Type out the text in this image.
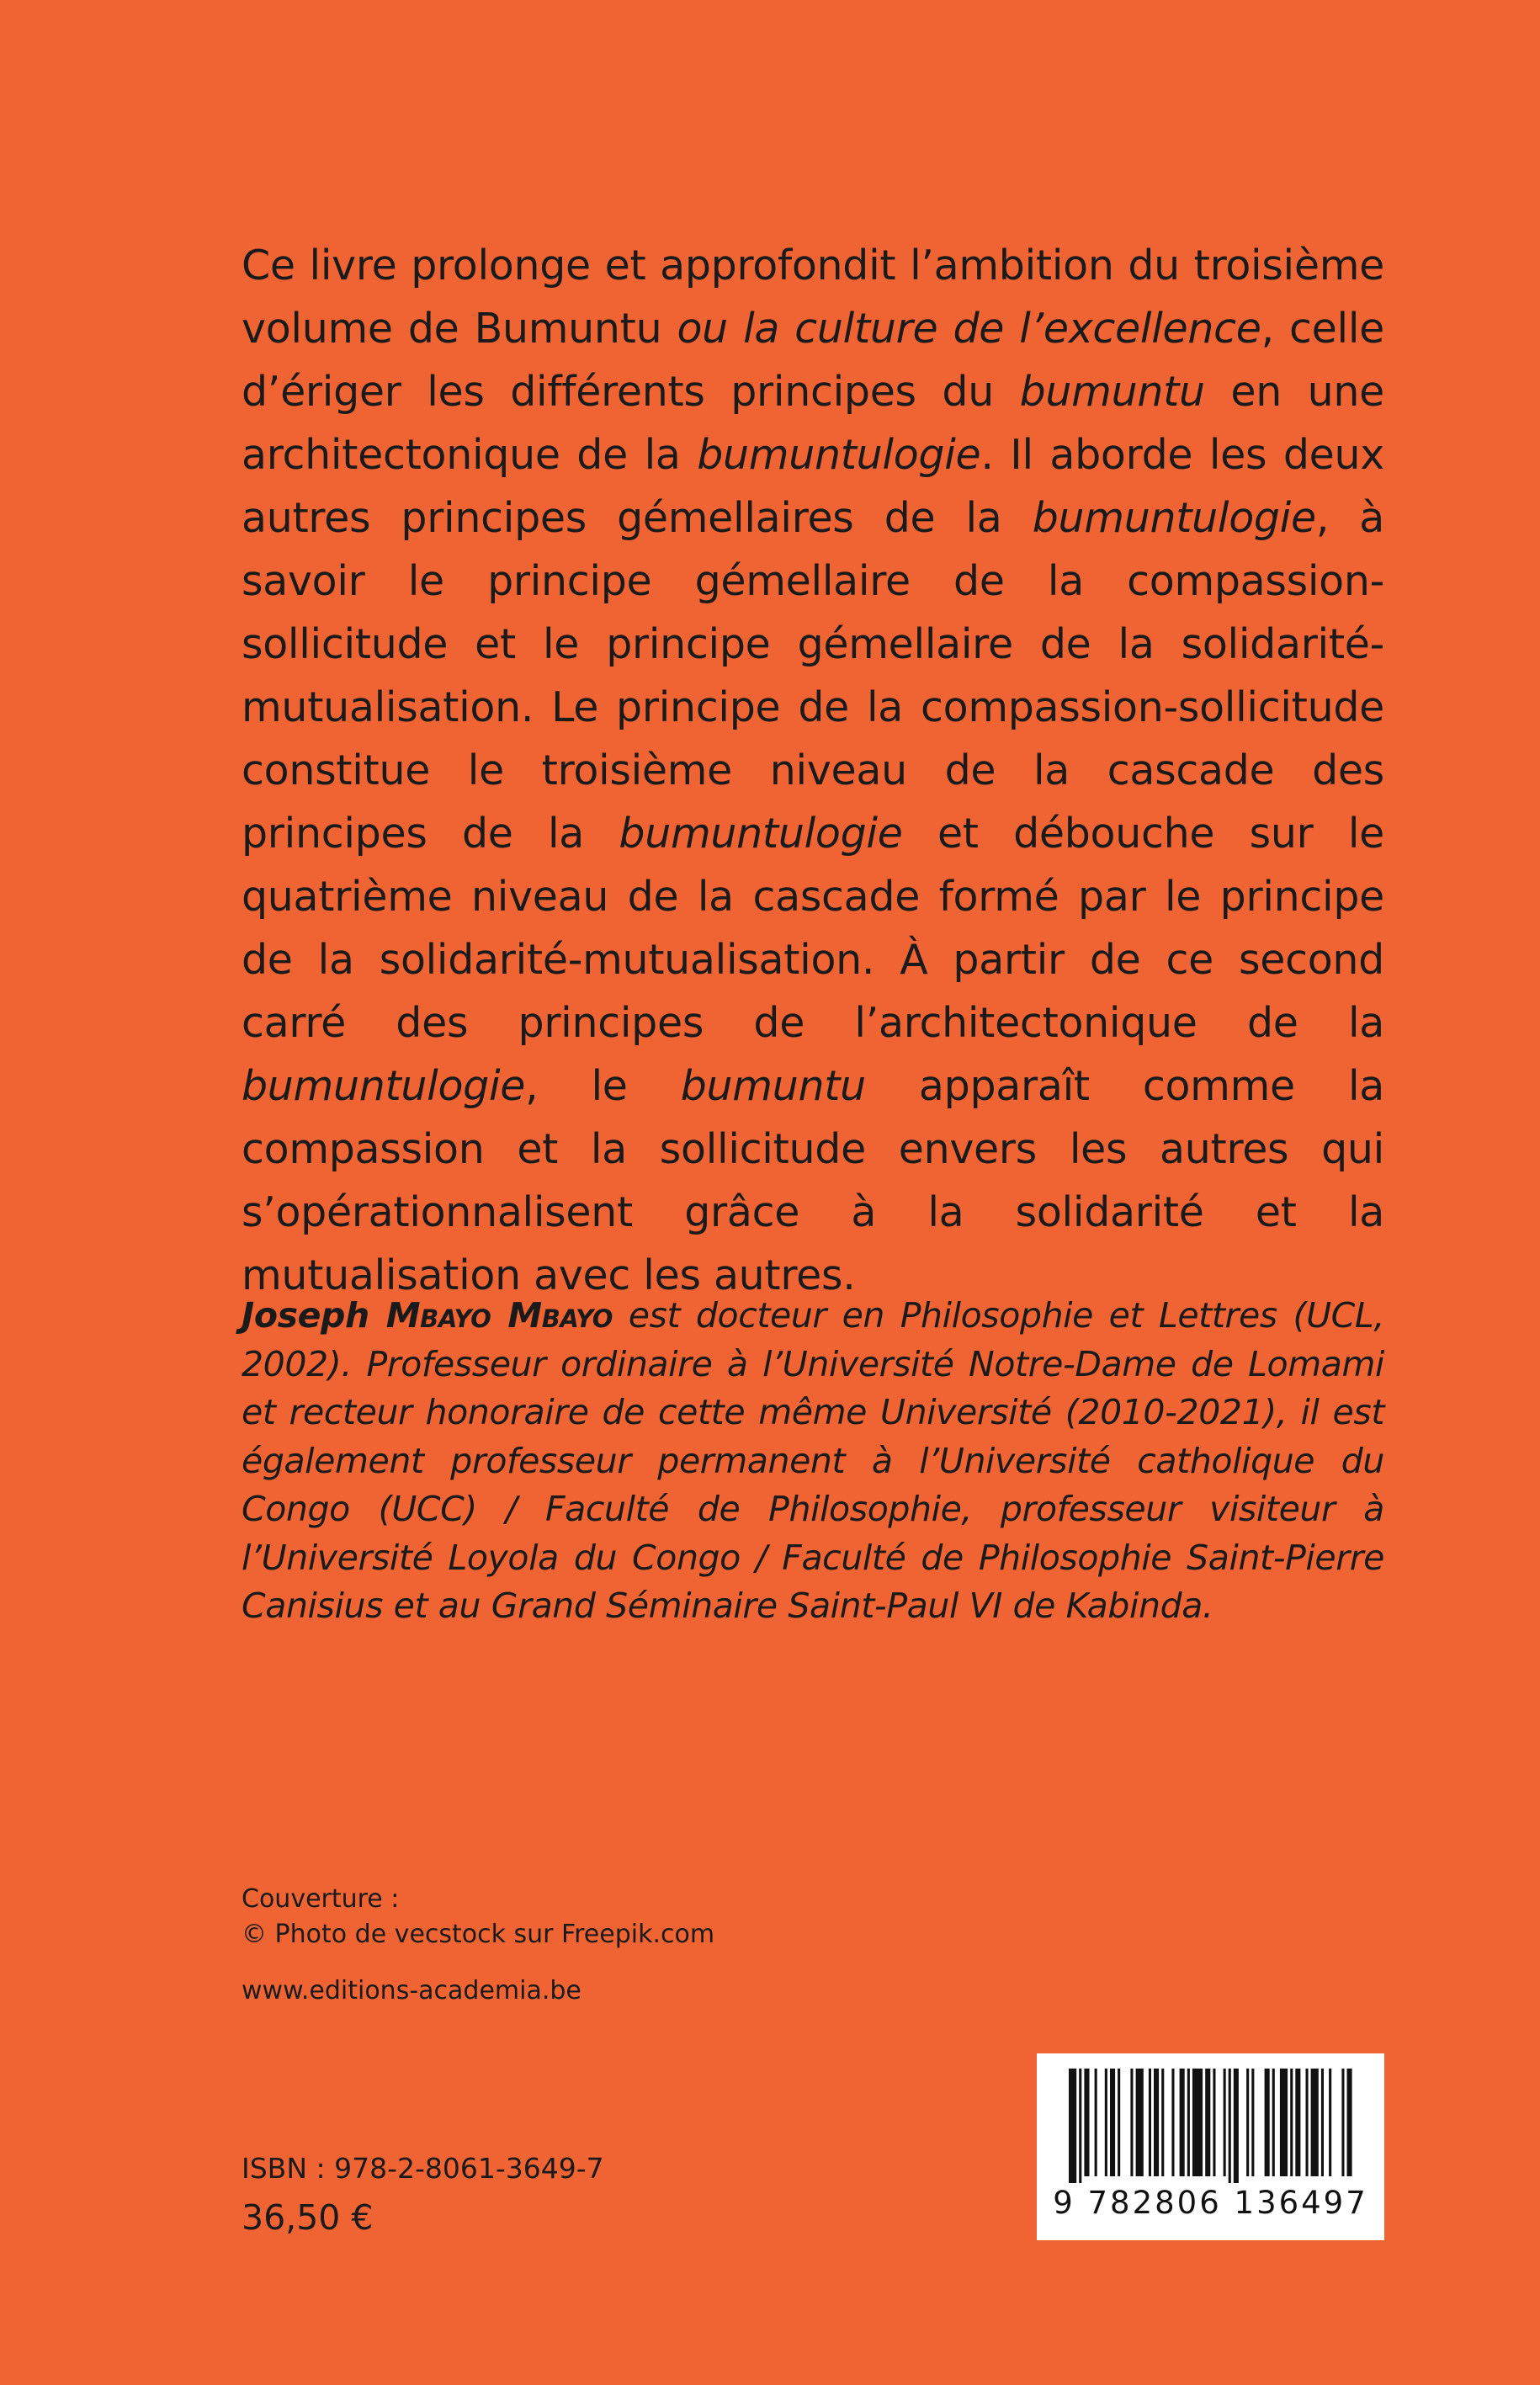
Ce livre prolonge et approfondit l’ambition du troisième volume de Bumuntu ou la culture de l’excellence, celle d’ériger les différents principes du bumuntu en une architectonique de la bumuntulogie. Il aborde les deux autres principes gémellaires de la bumuntulogie, à savoir le principe gémellaire de la compassion-sollicitude et le principe gémellaire de la solidarité-mutualisation. Le principe de la compassion-sollicitude constitue le troisième niveau de la cascade des principes de la bumuntulogie et débouche sur le quatrième niveau de la cascade formé par le principe de la solidarité-mutualisation. À partir de ce second carré des principes de l’architectonique de la bumuntulogie, le bumuntu apparaît comme la compassion et la sollicitude envers les autres qui s’opérationnalisent grâce à la solidarité et la mutualisation avec les autres.

Joseph Mbayo Mbayo est docteur en Philosophie et Lettres (UCL, 2002). Professeur ordinaire à l’Université Notre-Dame de Lomami et recteur honoraire de cette même Université (2010-2021), il est également professeur permanent à l’Université catholique du Congo (UCC) / Faculté de Philosophie, professeur visiteur à l’Université Loyola du Congo / Faculté de Philosophie Saint-Pierre Canisius et au Grand Séminaire Saint-Paul VI de Kabinda.
Couverture :
© Photo de vecstock sur Freepik.com
www.editions-academia.be
ISBN : 978-2-8061-3649-7
36,50 €	9 782806 136497
